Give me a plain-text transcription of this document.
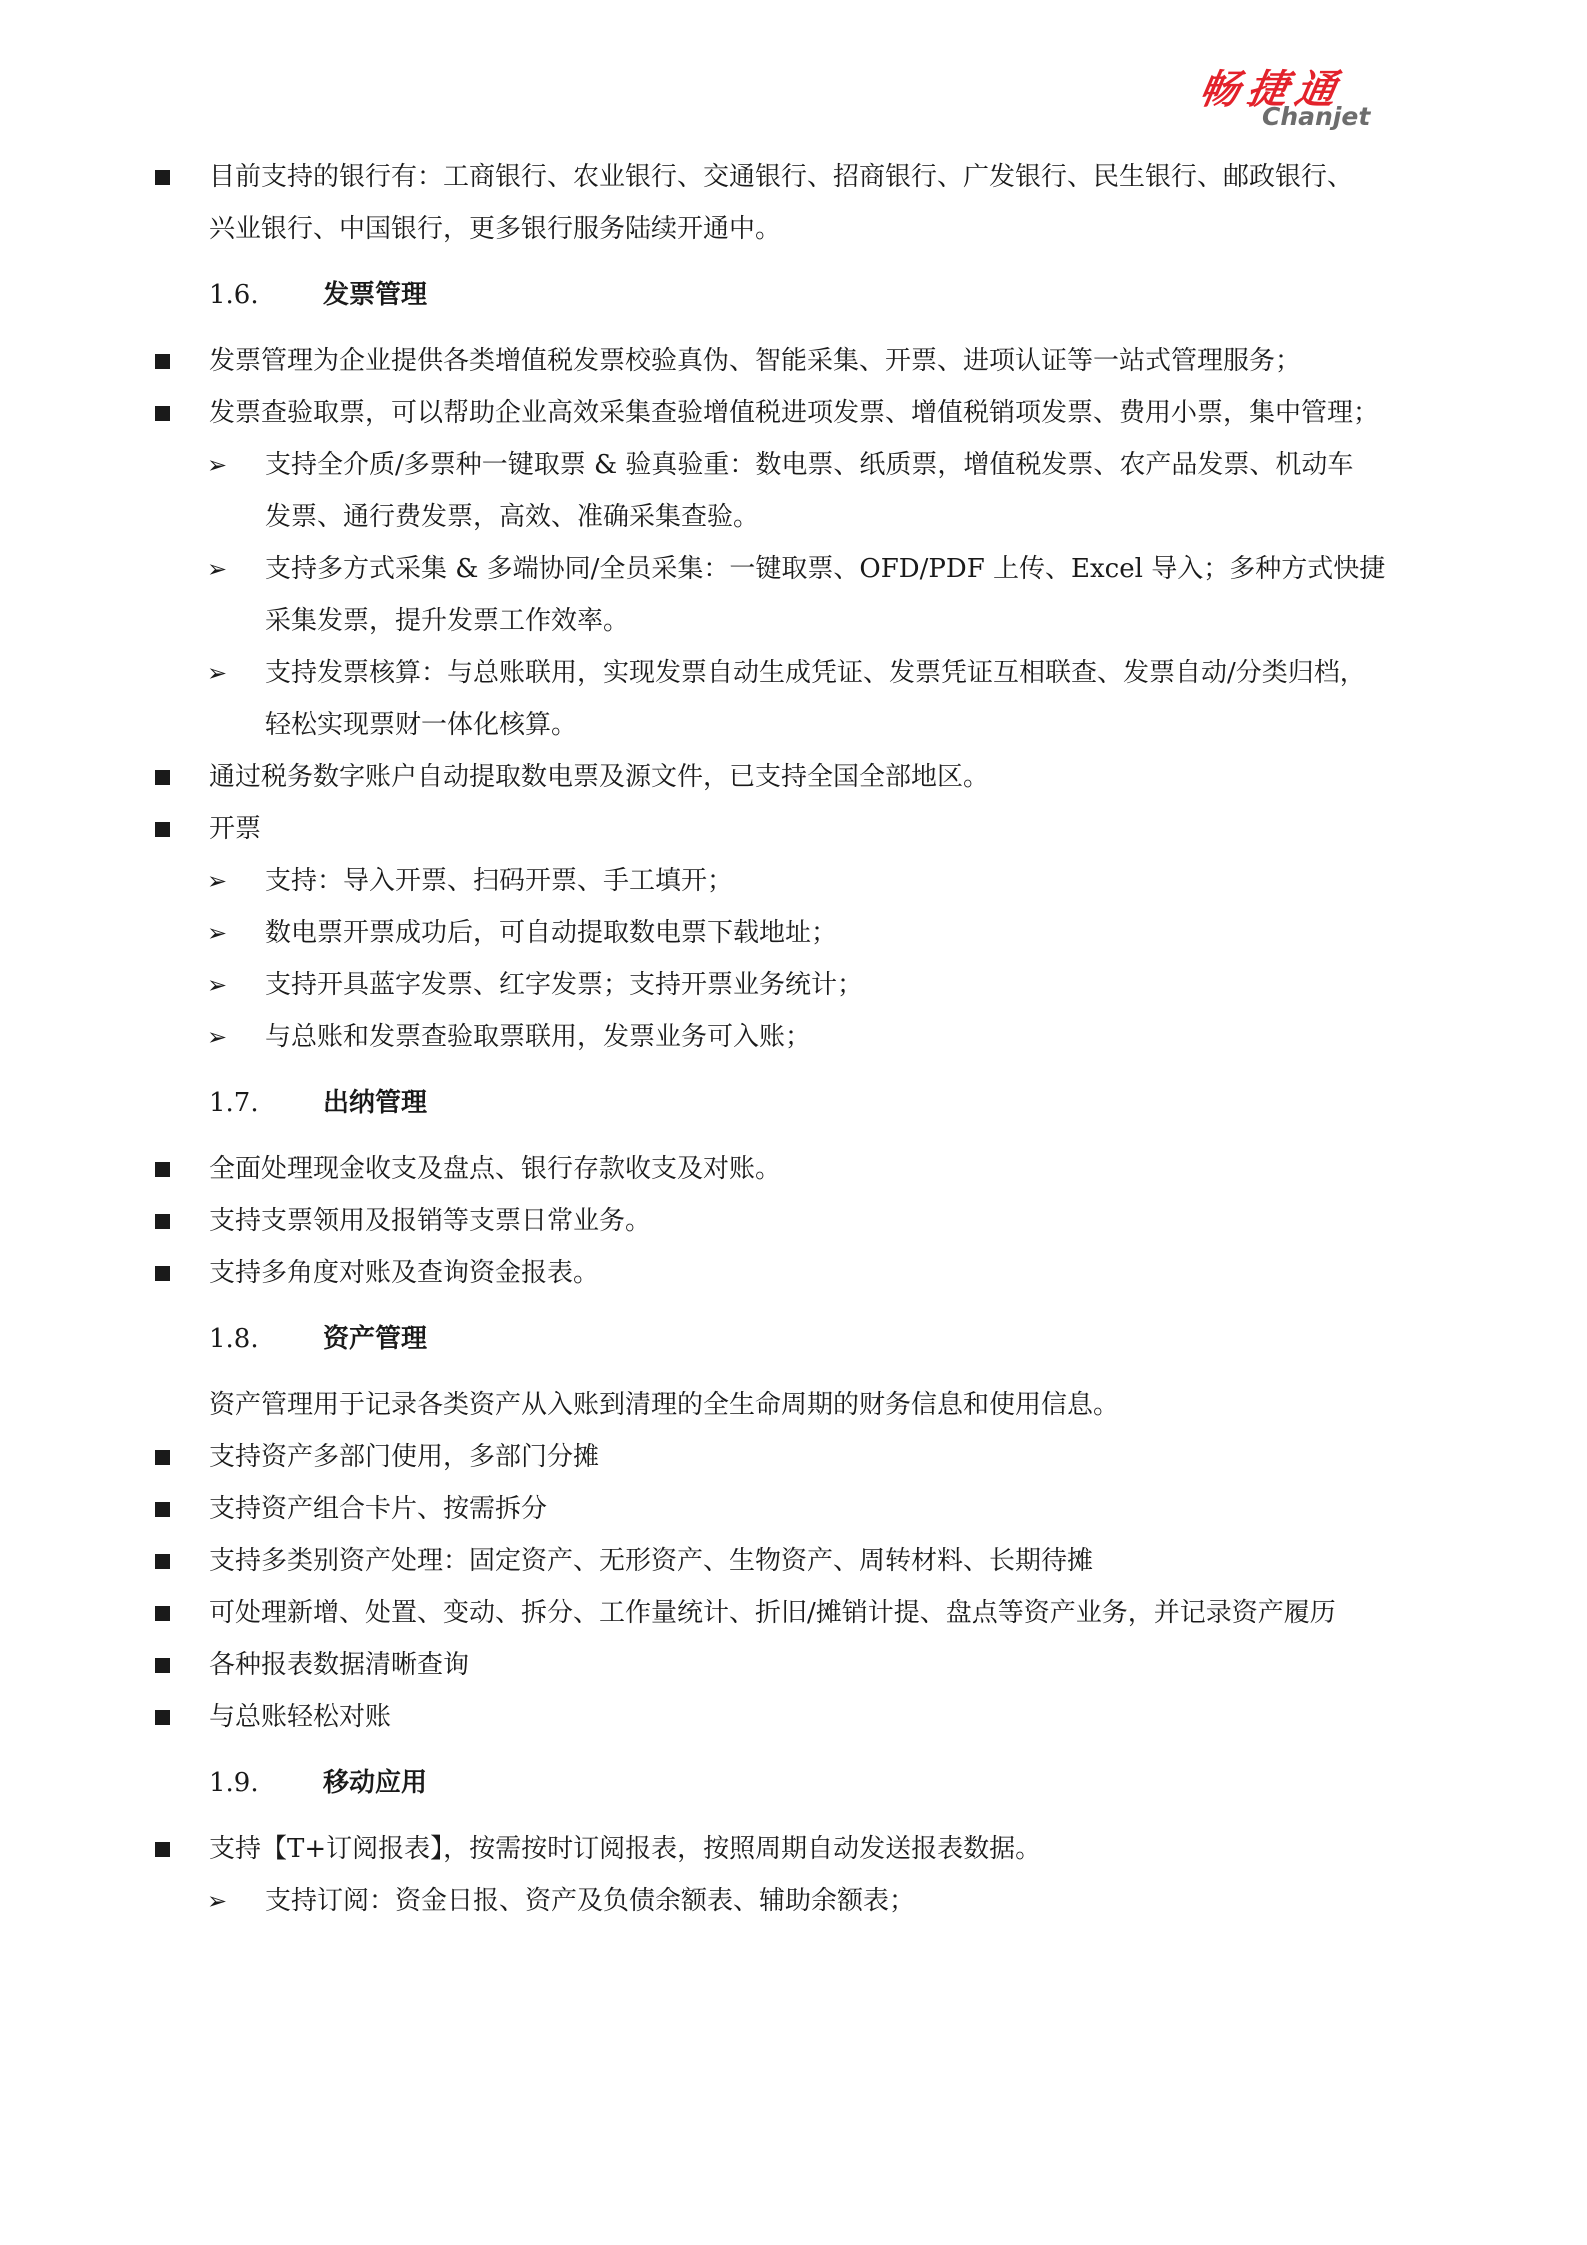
畅捷通
Chanjet
目前支持的银行有：工商银行、农业银行、交通银行、招商银行、广发银行、民生银行、邮政银行、
兴业银行、中国银行，更多银行服务陆续开通中。
1.6. 发票管理
发票管理为企业提供各类增值税发票校验真伪、智能采集、开票、进项认证等一站式管理服务；
发票查验取票，可以帮助企业高效采集查验增值税进项发票、增值税销项发票、费用小票，集中管理；
➢ 支持全介质/多票种一键取票 & 验真验重：数电票、纸质票，增值税发票、农产品发票、机动车
发票、通行费发票，高效、准确采集查验。
➢ 支持多方式采集 & 多端协同/全员采集：一键取票、OFD/PDF 上传、Excel 导入；多种方式快捷
采集发票，提升发票工作效率。
➢ 支持发票核算：与总账联用，实现发票自动生成凭证、发票凭证互相联查、发票自动/分类归档，
轻松实现票财一体化核算。
通过税务数字账户自动提取数电票及源文件，已支持全国全部地区。
开票
➢ 支持：导入开票、扫码开票、手工填开；
➢ 数电票开票成功后，可自动提取数电票下载地址；
➢ 支持开具蓝字发票、红字发票；支持开票业务统计；
➢ 与总账和发票查验取票联用，发票业务可入账；
1.7. 出纳管理
全面处理现金收支及盘点、银行存款收支及对账。
支持支票领用及报销等支票日常业务。
支持多角度对账及查询资金报表。
1.8. 资产管理
资产管理用于记录各类资产从入账到清理的全生命周期的财务信息和使用信息。
支持资产多部门使用，多部门分摊
支持资产组合卡片、按需拆分
支持多类别资产处理：固定资产、无形资产、生物资产、周转材料、长期待摊
可处理新增、处置、变动、拆分、工作量统计、折旧/摊销计提、盘点等资产业务，并记录资产履历
各种报表数据清晰查询
与总账轻松对账
1.9. 移动应用
支持【T+订阅报表】，按需按时订阅报表，按照周期自动发送报表数据。
➢ 支持订阅：资金日报、资产及负债余额表、辅助余额表；
